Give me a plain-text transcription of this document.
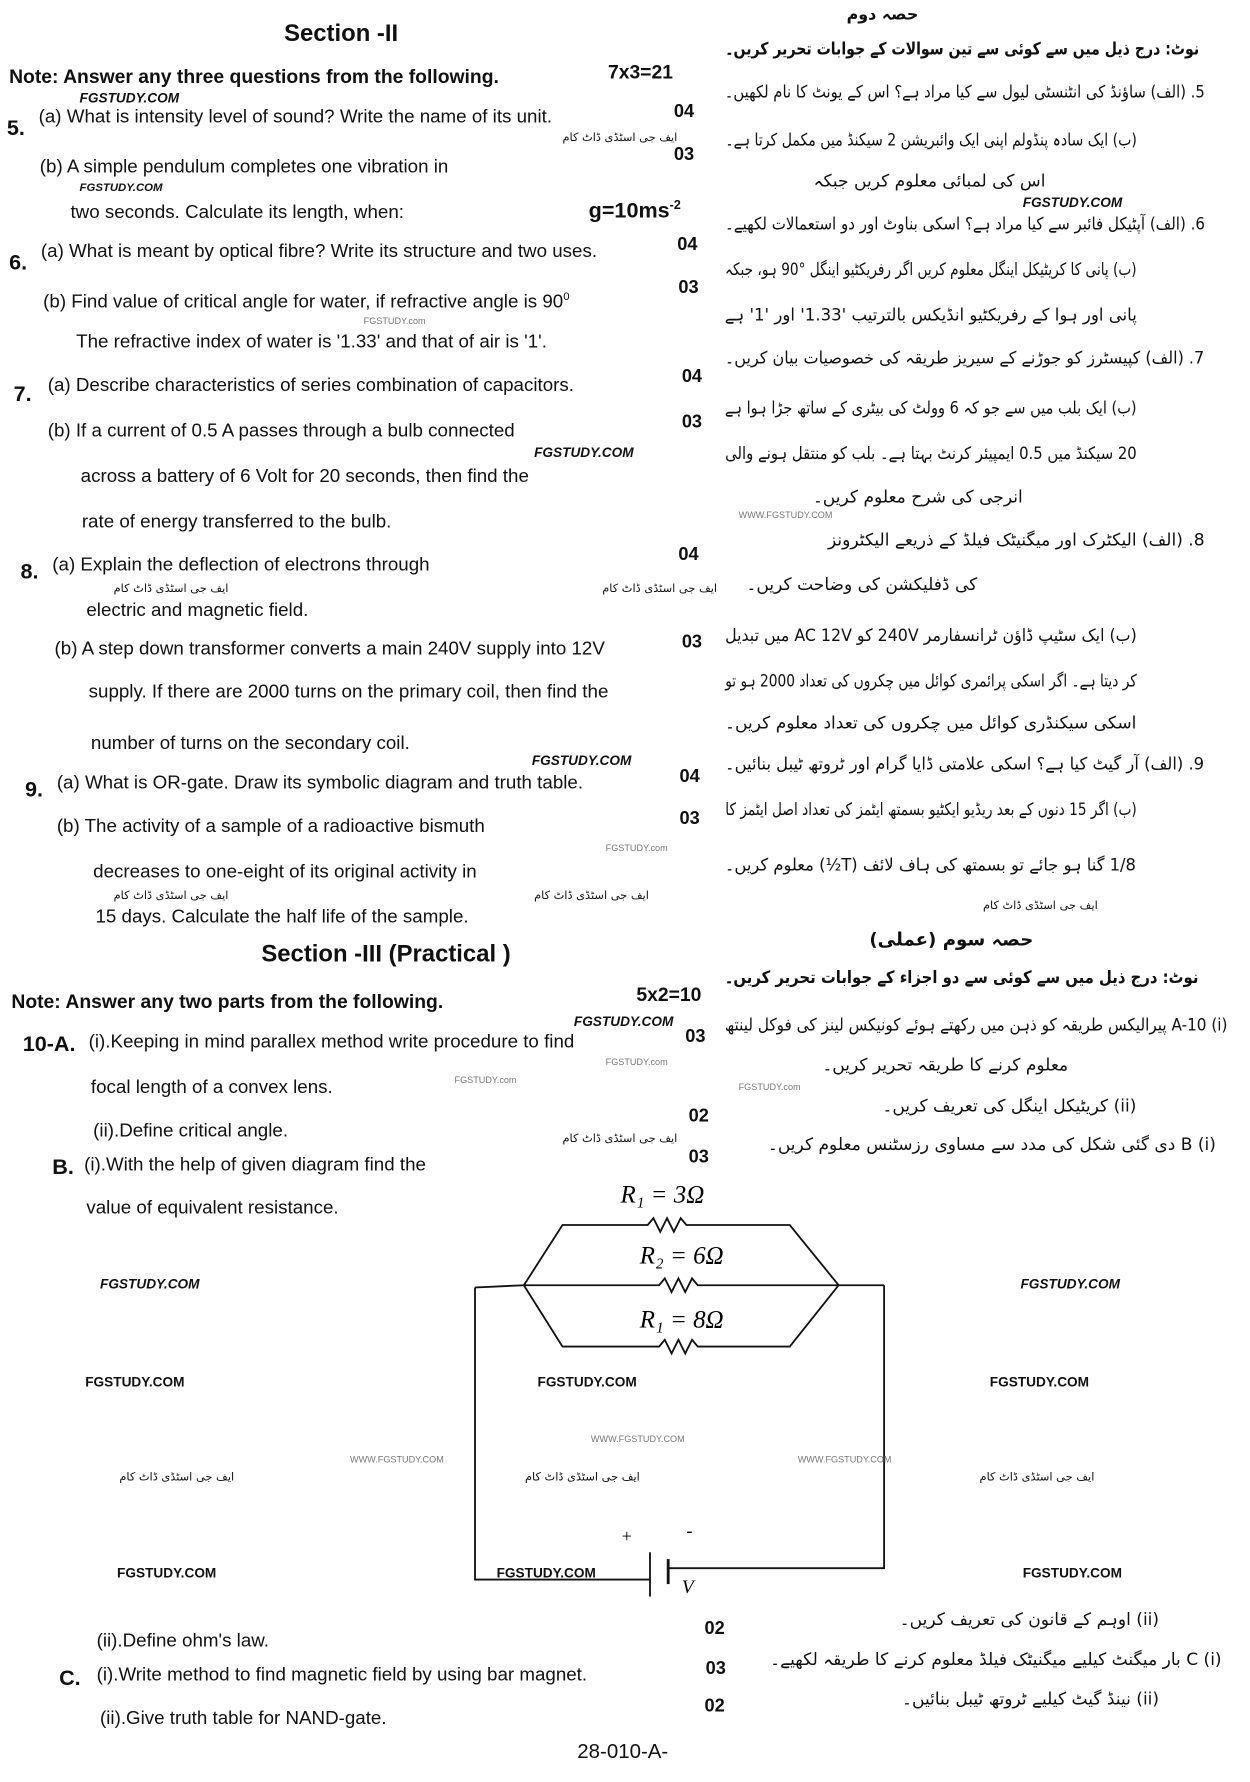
Section -II
Note: Answer any three questions from the following.	7x3=21
FGSTUDY.COM
5. (a) What is intensity level of sound? Write the name of its unit.	04
ایف جی اسٹڈی ڈاٹ کام
03
(b) A simple pendulum completes one vibration in
FGSTUDY.COM
two seconds. Calculate its length, when:	$g=10ms^{-2}$
6. (a) What is meant by optical fibre? Write its structure and two uses.	04
(b) Find value of critical angle for water, if refractive angle is $90^0$	03
FGSTUDY.com
The refractive index of water is '1.33' and that of air is '1'.
7. (a) Describe characteristics of series combination of capacitors.	04
(b) If a current of 0.5 A passes through a bulb connected	03
FGSTUDY.COM
across a battery of 6 Volt for 20 seconds, then find the
rate of energy transferred to the bulb.
8. (a) Explain the deflection of electrons through	04
ایف جی اسٹڈی ڈاٹ کام	ایف جی اسٹڈی ڈاٹ کام
electric and magnetic field.
(b) A step down transformer converts a main 240V supply into 12V	03
supply. If there are 2000 turns on the primary coil, then find the
number of turns on the secondary coil.
FGSTUDY.COM
9. (a) What is OR-gate. Draw its symbolic diagram and truth table.	04
(b) The activity of a sample of a radioactive bismuth	03
FGSTUDY.com
decreases to one-eight of its original activity in
ایف جی اسٹڈی ڈاٹ کام	ایف جی اسٹڈی ڈاٹ کام
15 days. Calculate the half life of the sample.
Section -III (Practical )
Note: Answer any two parts from the following.	5x2=10
FGSTUDY.COM
10-A. (i).Keeping in mind parallex method write procedure to find	03
FGSTUDY.com
focal length of a convex lens.	FGSTUDY.com
02
(ii).Define critical angle.	ایف جی اسٹڈی ڈاٹ کام
03
B. (i).With the help of given diagram find the
value of equivalent resistance.	R₁ = 3Ω
R₂ = 6Ω
R₁ = 8Ω
+	-
V
FGSTUDY.COM	FGSTUDY.COM
FGSTUDY.COM	FGSTUDY.COM	FGSTUDY.COM
FGSTUDY.COM	FGSTUDY.COM	FGSTUDY.COM
ایف جی اسٹڈی ڈاٹ کام	ایف جی اسٹڈی ڈاٹ کام	ایف جی اسٹڈی ڈاٹ کام
WWW.FGSTUDY.COM	WWW.FGSTUDY.COM
WWW.FGSTUDY.COM
02
(ii).Define ohm's law.
C. (i).Write method to find magnetic field by using bar magnet.	03
02
(ii).Give truth table for NAND-gate.
28-010-A-
حصہ دوم
نوٹ: درج ذیل میں سے کوئی سے تین سوالات کے جوابات تحریر کریں۔
5. (الف) ساؤنڈ کی انٹنسٹی لیول سے کیا مراد ہے؟ اس کے یونٹ کا نام لکھیں۔
(ب) ایک سادہ پنڈولم اپنی ایک وائبریشن 2 سیکنڈ میں مکمل کرتا ہے۔
اس کی لمبائی معلوم کریں جبکہ
FGSTUDY.COM
6. (الف) آپٹیکل فائبر سے کیا مراد ہے؟ اسکی بناوٹ اور دو استعمالات لکھیے۔
(ب) پانی کا کریٹیکل اینگل معلوم کریں اگر رفریکٹیو اینگل °90 ہو، جبکہ
پانی اور ہوا کے رفریکٹیو انڈیکس بالترتیب '1.33' اور '1' ہے
7. (الف) کپیسٹرز کو جوڑنے کے سیریز طریقہ کی خصوصیات بیان کریں۔
(ب) ایک بلب میں سے جو کہ 6 وولٹ کی بیٹری کے ساتھ جڑا ہوا ہے
20 سیکنڈ میں 0.5 ایمپیئر کرنٹ بہتا ہے۔ بلب کو منتقل ہونے والی
WWW.FGSTUDY.COM
انرجی کی شرح معلوم کریں۔
8. (الف) الیکٹرک اور میگنیٹک فیلڈ کے ذریعے الیکٹرونز
کی ڈفلیکشن کی وضاحت کریں۔
(ب) ایک سٹیپ ڈاؤن ٹرانسفارمر 240V کو AC 12V میں تبدیل
کر دیتا ہے۔ اگر اسکی پرائمری کوائل میں چکروں کی تعداد 2000 ہو تو
اسکی سیکنڈری کوائل میں چکروں کی تعداد معلوم کریں۔
9. (الف) آر گیٹ کیا ہے؟ اسکی علامتی ڈایا گرام اور ٹروتھ ٹیبل بنائیں۔
(ب) اگر 15 دنوں کے بعد ریڈیو ایکٹیو بسمتھ ایٹمز کی تعداد اصل ایٹمز کا
1/8 گنا ہو جائے تو بسمتھ کی ہاف لائف (T½) معلوم کریں۔
ایف جی اسٹڈی ڈاٹ کام
حصہ سوم (عملی)
نوٹ: درج ذیل میں سے کوئی سے دو اجزاء کے جوابات تحریر کریں۔
A-10 (i) پیرالیکس طریقہ کو ذہن میں رکھتے ہوئے کونیکس لینز کی فوکل لینتھ
معلوم کرنے کا طریقہ تحریر کریں۔
FGSTUDY.com
(ii) کریٹیکل اینگل کی تعریف کریں۔
B (i) دی گئی شکل کی مدد سے مساوی رزسٹنس معلوم کریں۔
(ii) اوہم کے قانون کی تعریف کریں۔
C (i) بار میگنٹ کیلیے میگنیٹک فیلڈ معلوم کرنے کا طریقہ لکھیے۔
(ii) نینڈ گیٹ کیلیے ٹروتھ ٹیبل بنائیں۔
